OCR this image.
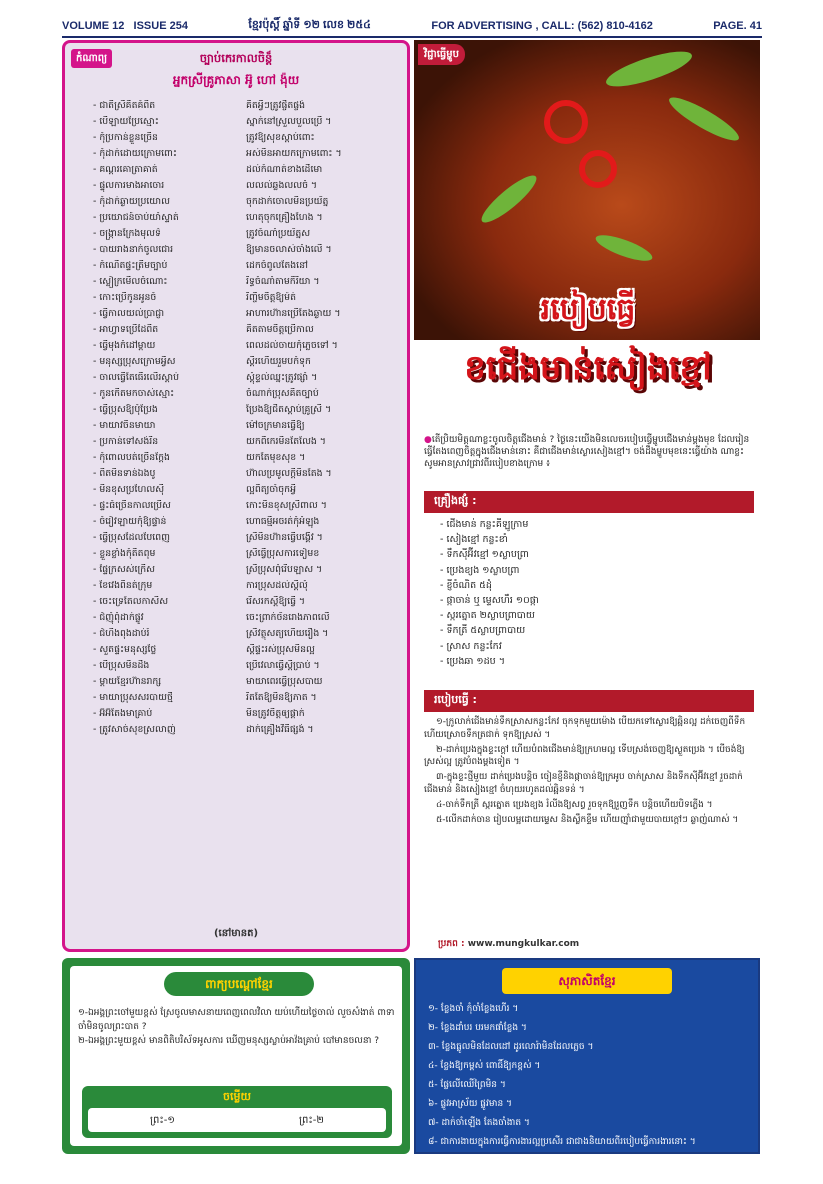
VOLUME 12 ISSUE 254	ខ្មែរប៉ុស្ដិ៍ ឆ្នាំទី ១២ លេខ ២៥៤	FOR ADVERTISING , CALL: (562) 810-4162	PAGE. 41
កំណាព្យ	ច្បាប់កេរកាលចិន្ដ៏
អ្នកស្រីគ្រូភាសា អ៊ូ ហៅ ង៉ុយ
- ជាតិស្រីគិតគំពិត	គិតអ្វីៗត្រូវផ្ចិតផ្ចង់
- បើឡាយប្រែស្មោះ	ស្នាក់នៅស្រួលបួលប្រើ ។
- កុំប្រកាន់ខ្លួនច្រើន	ត្រូវឱ្យសុខស្ពាប់ពោះ
- កុំដាក់ដោយក្រោមពោះ	អស់មិនអាយកក្រោមពោះ ។
- គណ្ដរគោត្រាគាត់	ដល់កំណាត់ខាងដើមោ
- ផ្ទុលការមាងអាចោរ	លលល់ឆ្លងលលចំ ។
- កុំដាក់ឆ្ងាយប្រយោល	ចុកដាក់ចោលមិនប្រយ័ត្ន
- ប្រយោជន៍ចាប់យាំស្ទាត់	ហេតុចុកគ្រឿងហែង ។
- ចង្ក្រានក្រែងមុលទ៌	ត្រូវចំណាំប្រយ័ត្នស
- បាយរាងនាក់ចូលជោរ	ឱ្យមានចលាស់ចាំងលើ ។
- កំណើតផ្ទះត្រឹមច្បាប់	ដេកចំពូលតែងនៅ
- ស្លៀក្រមើលចំណោះ	រិទ្ធចំណាំតាមកិរិយា ។
- កោះប្រើកូនអូនចំ	រិញ្ចឹមចិត្តឱ្យម៉ត់
- ធ្វើកាលយល់ប្រាជ្ញា	អាហារហ៊ានប្រើតែងឆ្ងាយ ។
- អាហ្វាទប្រើដៃពីត	គិតតាមចិត្តប្រើកាល
- ធ្វើមុងកំដៅម្ដាយ	ពេលដល់ចាយកុំភ្លេចទៅ ។
- មនុស្សប្រុសក្រោមអ្វីស	ស្ដីរហើយរួមបកំទុក
- ចាលធ្វើតែធើរលើរស្ដាប់	ស្ដុំខ្ទល់ឈ្នះត្រូវផ្សាំ ។
- កូនកើតមកចាស់ស្មោះ	ចំណាក់ប្រុសគិតច្បាប់
- ធ្វើប្រុសឱ្យប៉ំប្រែង	ប្រែងឱ្យជិតស្ដាប់គ្រូស្រី ។
- មាយាវចិនមាយា	ម៉ៅចក្រមានធ្វើឱ្យ
- ប្រកាន់ទៅសង់រីន	យកពីកេរមិនតែលែង ។
- កុំពោលបត់ច្រើនក្ដែង	យកតែមុខសុខ ។
- ពិតមិនទាន់ឯងបូ	ហ៊ាលប្រមូលក្ដីមិនតែង ។
- មិនខុសប្រហែលស៊ី	ល្អពិត្យចាំចុកអ្វី
- ផ្ទះធំច្រើនកាលប្រើស	កោះមិនខុសស្រីពាល ។
- ចំរៀវឡាយកុំឱ្យផ្ទាន់	ហោធម្មីអចរត់កុំអំឡុង
- ធ្វើប្រុសដែលបែពេញ	ស្រីមិនហ៊ានធ្វើបង្គើវ ។
- ខ្លួនខ្លាំងកុំតិតពុម	ស្រីធ្វើប្រុសការទៀមខ
- ផ្ទៃក្រសស់ក្រើស	ស្រីប្រុសពុំរើបឡាស ។
- ខែវេងពិនត់ក្រុម	ការប្រុសដល់ស្ដីលុំ
- ចេះ​ទ្រេតែលកាសិស	រើសរកស្ដីឱ្យធ្វើ ។
- ជំញុំពុំដាក់ផ្លូវ	ចេះព្រាក់ច័នរោងភាពលើ
- ជំហឹងពុងដាប់រំ	ស្រីវត្ថុសត្យហើយរឿង ។
- សួតផ្ទះមនុស្សថ្លែ	ស្ដីផ្ទះរស់ប្រុសមិនល្អ
- បើប្រុសមិនដឹង	ប្រើវេលាធ្វើស្ដីប្រាប់ ។
- ម្ដាយខ្មែរហ៊ានរាក្ស	មាយាពេរធ្វើប្រុសបាយ
- មាយាប្រុសសរបាយថ្មី	រិតតែឱ្យមិនឱ្យភាត ។
- អ៊ីអ៊ីតែងមាគ្រាប់	មិនត្រូវចិត្តឲ្យផ្ដាក់
- ត្រូវសាច់សុខស្រលាញ់	ដាក់គ្រឿងវិធីផ្សង់ ។
(នៅមានត)
វិជ្ជាធ្វើម្ហូប
របៀបធ្វើ
ខជើងមាន់សៀងខ្មៅ
●តើប្រិយមិត្តណាខ្លះចូលចិត្តជើងមាន់ ? ថ្ងៃនេះយើងមិនលេចរបៀបធ្វើម្ហូបជើងមាន់ម្ដងមុខ ដែលរៀនធ្វើតែងពេញចិត្តក្នុងជើងមាន់នោះ គឺជាជើងមាន់ស្ងោរសៀងខ្មៅ។ ចង់ដឹងម្ហូបមុខនេះធ្វើយ៉ាង ណាខ្លះ សូមអានស្រាវជ្រាវពីរបៀបខាងក្រោម ៖
គ្រឿងផ្សំ :
- ជើងមាន់ កន្លះគីឡូក្រាម
- សៀងខ្មៅ កន្លះខាំ
- ទឹកស៊ីអ៊ីវខ្មៅ ១ស្លាបព្រា
- ប្រេងខ្យង ១ស្លាបព្រា
- ខ្ញីចំណិត ៥ដុំ
- ផ្កាចាន់ ឬ ម្ទេសហឹរ ១០ផ្កា
- ស្ករត្នោត ២ស្លាបព្រាបាយ
- ទឹកត្រី ៥ស្លាបព្រាបាយ
- ស្រាស កន្លះកែវ
- ប្រេងឆា ១ដប ។
របៀបធ្វើ :

១-ក្រូលាក់ជើងមាន់ទឹកស្រាសកន្លះកែវ ចុកទុកមួយម៉ោង បើយកទៅស្ងោរឱ្យឆ្អិនល្អ ដក់ចេញពីទឹក ហើយស្រោចទឹកត្រជាក់ ទុកឱ្យស្រស់ ។

២-ដាក់ប្រេងក្នុងខ្ទះក្ដៅ ហើយបំពងជើងមាន់ឱ្យក្រហមល្អ ទើបស្រង់ចេញឱ្យស្ងួតប្រេង ។ បើចង់ឱ្យស្រស់ល្អ ត្រូវបំពងម្ដងទៀត ។

៣-ក្នុងខ្ទះថ្មីមួយ ដាក់ប្រេងបន្តិច ចៀនខ្ញីនិងផ្កាចាន់ឱ្យក្រអូប ចាក់ស្រាស និងទឹកស៊ីអ៊ីវខ្មៅ រួចដាក់ជើងមាន់ និងសៀងខ្មៅ ចំហុយរហូតដល់ឆ្អិនទន់ ។

៤-ចាក់ទឹកត្រី ស្ករត្នោត ប្រេងខ្យង រំលីងឱ្យសព្វ រួចទុកឱ្យរួញទឹក បន្តិចហើយបិទភ្លើង ។

៥-លើកដាក់ចាន រៀបលម្អដោយម្ទេស និងស្លឹកខ្ទឹម ហើយញ៉ាំជាមួយបាយក្ដៅៗ ឆ្ងាញ់ណាស់ ។

ប្រភព : www.mungkulkar.com
ពាក្យបណ្ដៅខ្មែរ
១-ឯអង្គព្រះចៅមួយខ្ពស់ ស្រែចូលមាសនាយពេញពេលវិលា យប់ហើយថ្ងៃចាល់ លួចសំងាត់ ពាទាចាំមិនចូលព្រះបាត ?
២-ឯអង្គព្រះមួយខ្ពស់ មានពិតិបរិស័ទអូសការ ឃើញមនុស្សស្លាប់អាវ៉ងគ្រាប់ បៅមានចលនា ?
ចម្លើយ
ព្រះ-១	ព្រះ-២
សុភាសិតខ្មែរ
១- ខ្លែងចាំ កុំចាំខ្លែងហើរ ។
២- ខ្លែងដាំបរ បរមកផាំខ្លែង ។
៣- ខ្លែងធ្លូលមិនដែលដៅ ដូរលោរ៉ាមិនដែលភ្លេច ។
៤- ខ្លែងឱ្យកម្ពស់ ពោធិ៍ឱ្យកខ្ពស់ ។
៥- ផ្លែលើឈើព្រៃមិន ។
៦- ផ្លូវអាស្រ័យ ផ្លូវមាន ។
៧- ដាក់ចាំឡើង តែងចាំងាត ។
៨- ជាការងាយក្នុងការធ្វើការងារល្អប្រសើរ ជាជាងនិយាយពីរបៀបធ្វើការងារនោះ ។
